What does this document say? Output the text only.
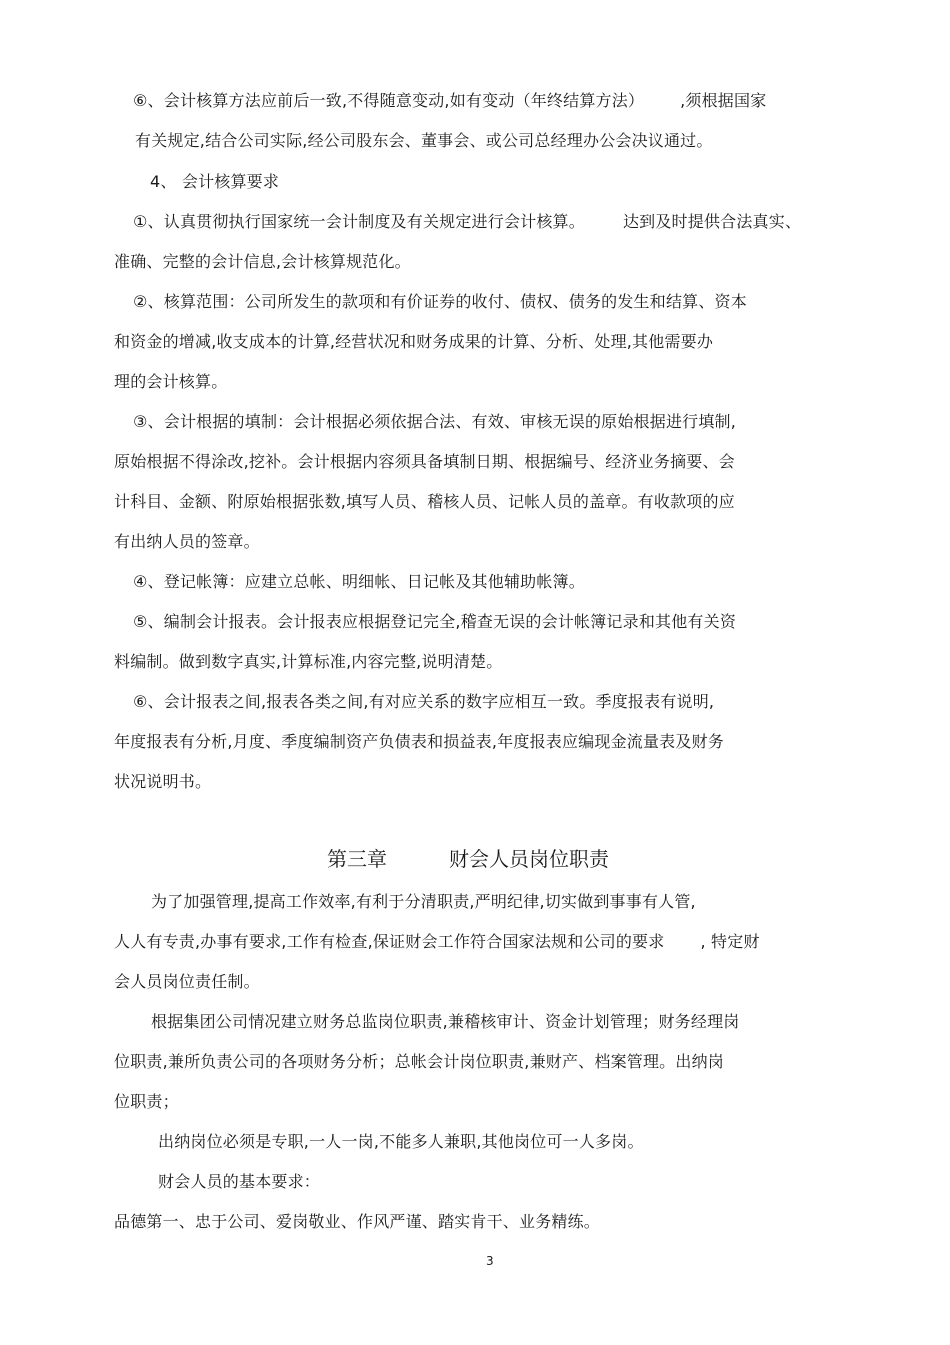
⑥、会计核算方法应前后一致,不得随意变动,如有变动（年终结算方法） ,须根据国家
有关规定,结合公司实际,经公司股东会、董事会、或公司总经理办公会决议通过。
4、 会计核算要求
①、认真贯彻执行国家统一会计制度及有关规定进行会计核算。 达到及时提供合法真实、
准确、完整的会计信息,会计核算规范化。
②、核算范围：公司所发生的款项和有价证券的收付、债权、债务的发生和结算、资本
和资金的增减,收支成本的计算,经营状况和财务成果的计算、分析、处理,其他需要办
理的会计核算。
③、会计根据的填制：会计根据必须依据合法、有效、审核无误的原始根据进行填制,
原始根据不得涂改,挖补。会计根据内容须具备填制日期、根据编号、经济业务摘要、会
计科目、金额、附原始根据张数,填写人员、稽核人员、记帐人员的盖章。有收款项的应
有出纳人员的签章。
④、登记帐簿：应建立总帐、明细帐、日记帐及其他辅助帐簿。
⑤、编制会计报表。会计报表应根据登记完全,稽查无误的会计帐簿记录和其他有关资
料编制。做到数字真实,计算标准,内容完整,说明清楚。
⑥、会计报表之间,报表各类之间,有对应关系的数字应相互一致。季度报表有说明,
年度报表有分析,月度、季度编制资产负债表和损益表,年度报表应编现金流量表及财务
状况说明书。
第三章	财会人员岗位职责
为了加强管理,提高工作效率,有利于分清职责,严明纪律,切实做到事事有人管,
人人有专责,办事有要求,工作有检查,保证财会工作符合国家法规和公司的要求 , 特定财
会人员岗位责任制。
根据集团公司情况建立财务总监岗位职责,兼稽核审计、资金计划管理；财务经理岗
位职责,兼所负责公司的各项财务分析；总帐会计岗位职责,兼财产、档案管理。出纳岗
位职责；
出纳岗位必须是专职,一人一岗,不能多人兼职,其他岗位可一人多岗。
财会人员的基本要求：
品德第一、忠于公司、爱岗敬业、作风严谨、踏实肯干、业务精练。
3
